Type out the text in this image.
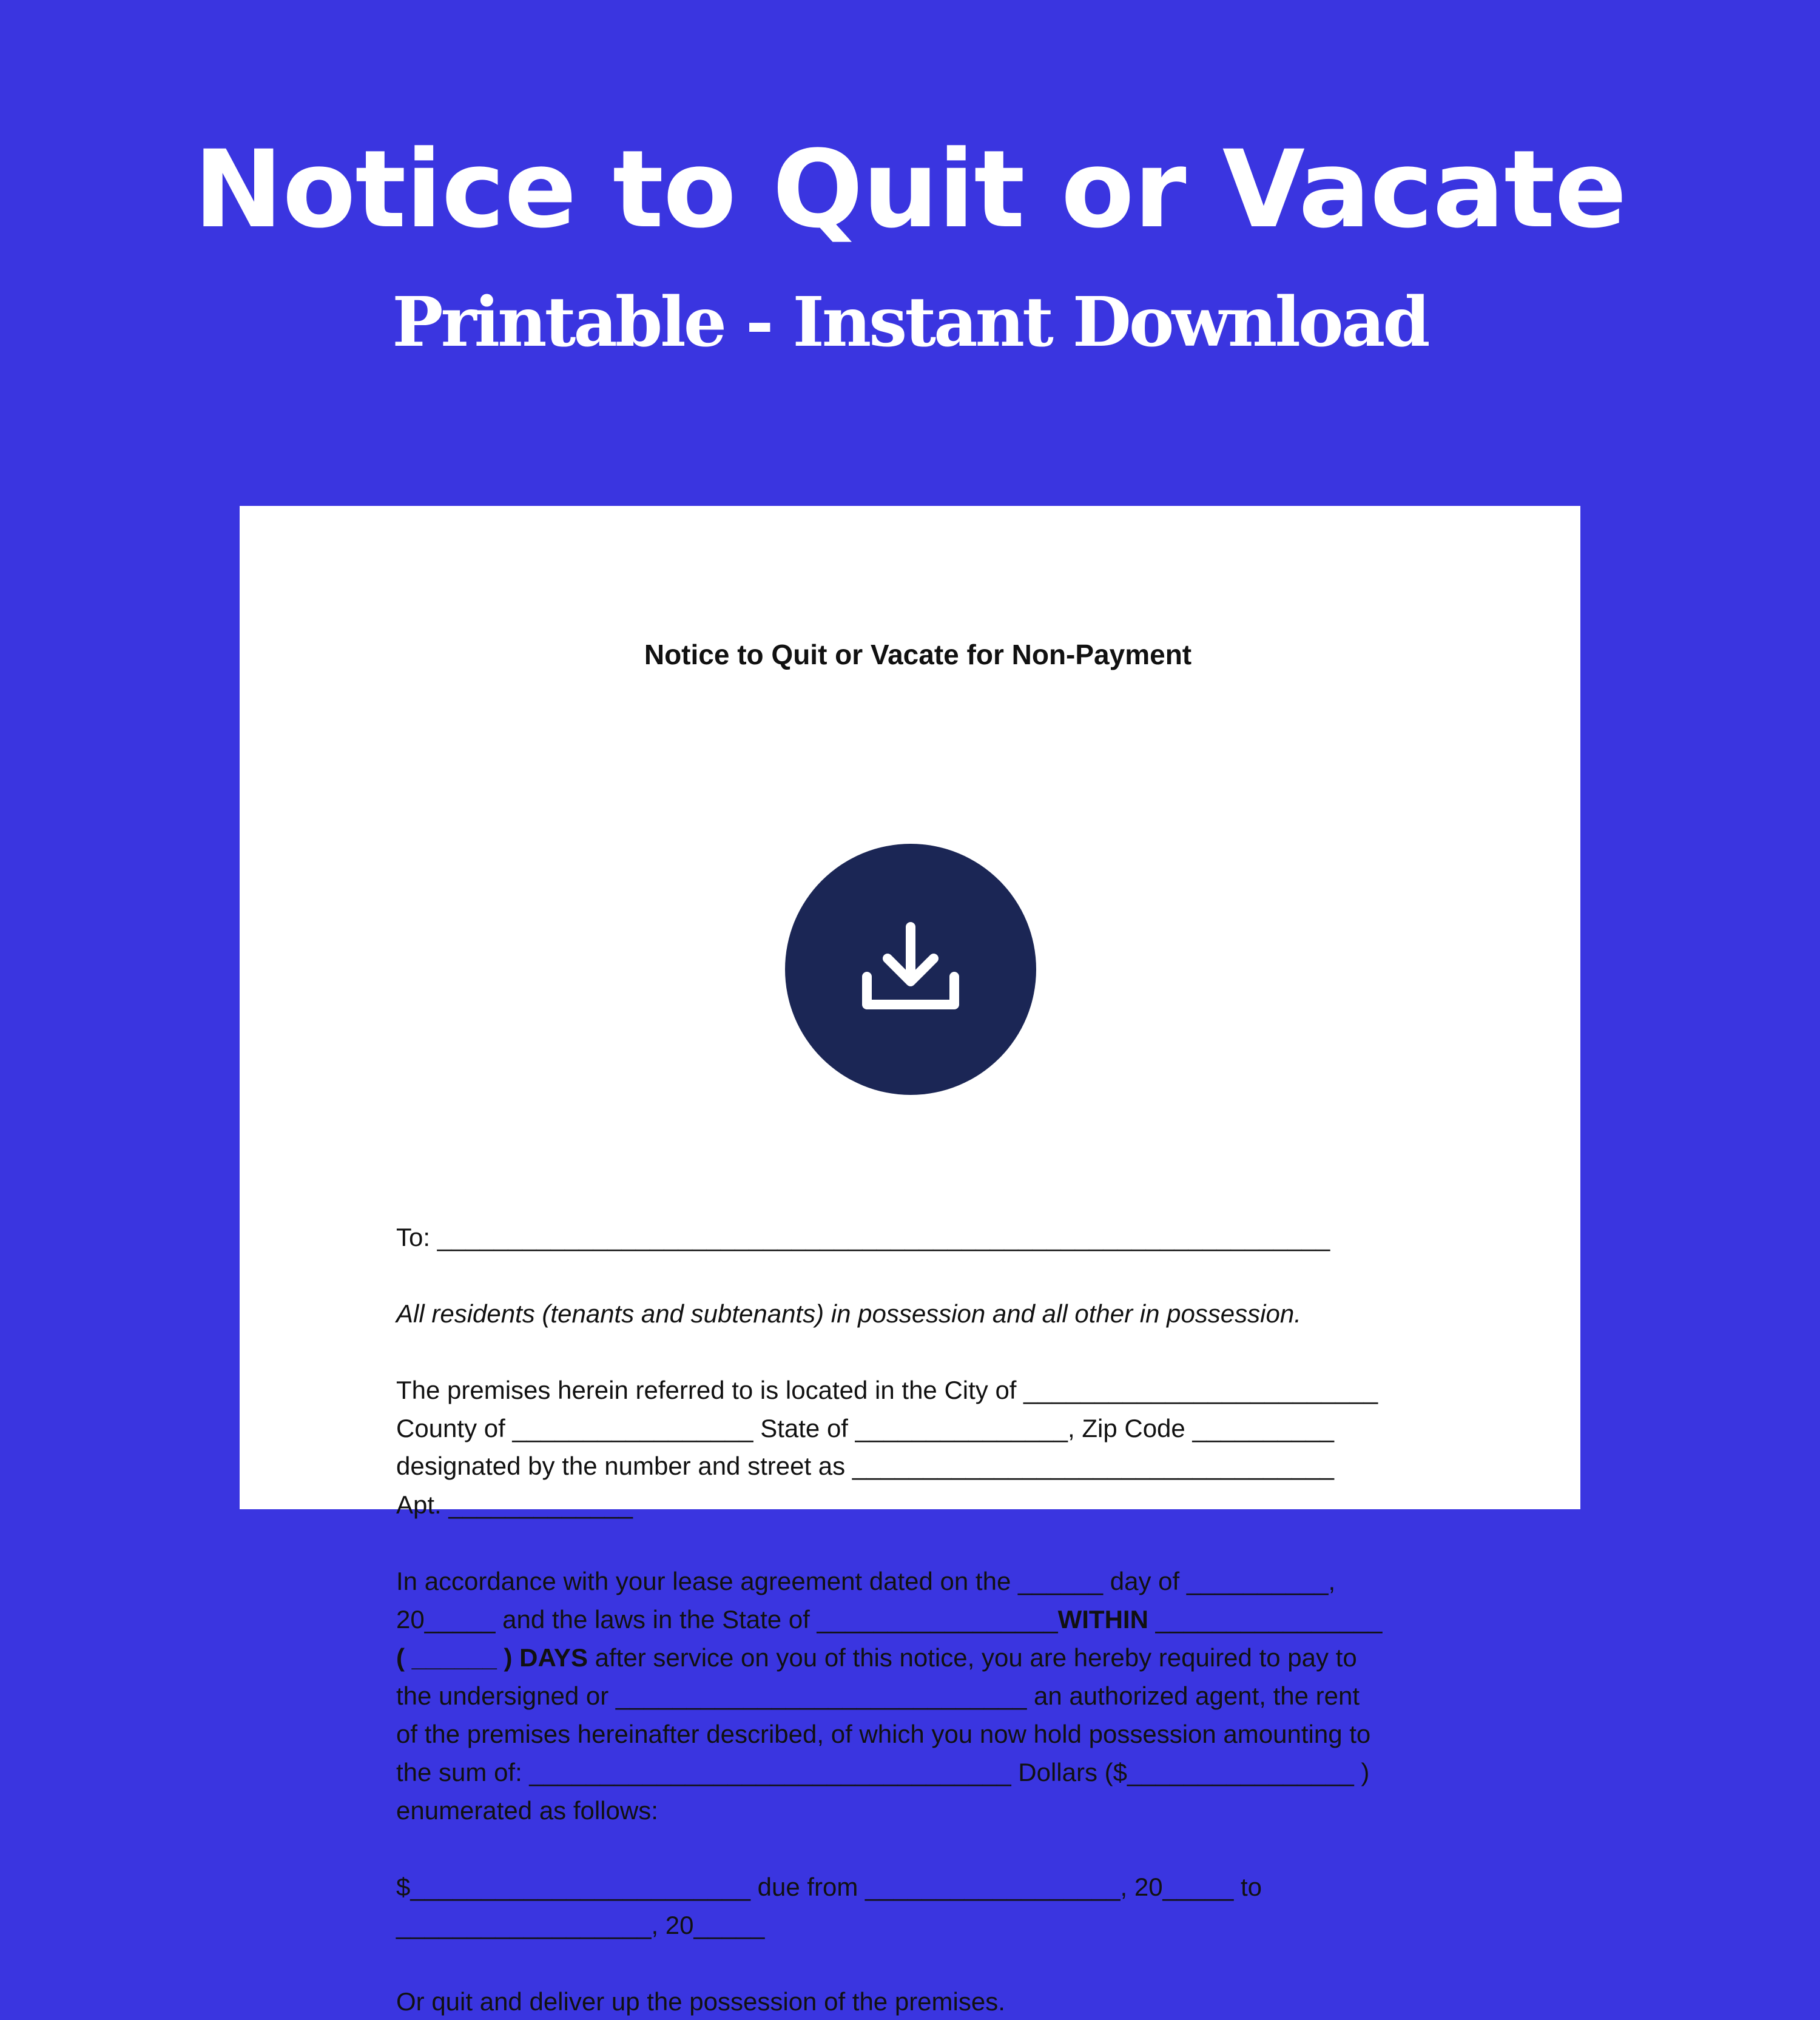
Notice to Quit or Vacate
Printable - Instant Download
Notice to Quit or Vacate for Non-Payment
To: _______________________________________________________________
All residents (tenants and subtenants) in possession and all other in possession.
The premises herein referred to is located in the City of _________________________
County of _________________ State of _______________, Zip Code __________
designated by the number and street as __________________________________
Apt. _____________
In accordance with your lease agreement dated on the ______ day of __________,
20_____ and the laws in the State of _________________WITHIN ________________
( ______ ) DAYS after service on you of this notice, you are hereby required to pay to
the undersigned or _____________________________ an authorized agent, the rent
of the premises hereinafter described, of which you now hold possession amounting to
the sum of: __________________________________ Dollars ($________________ )
enumerated as follows:
$________________________ due from __________________, 20_____ to
__________________, 20_____
Or quit and deliver up the possession of the premises.
